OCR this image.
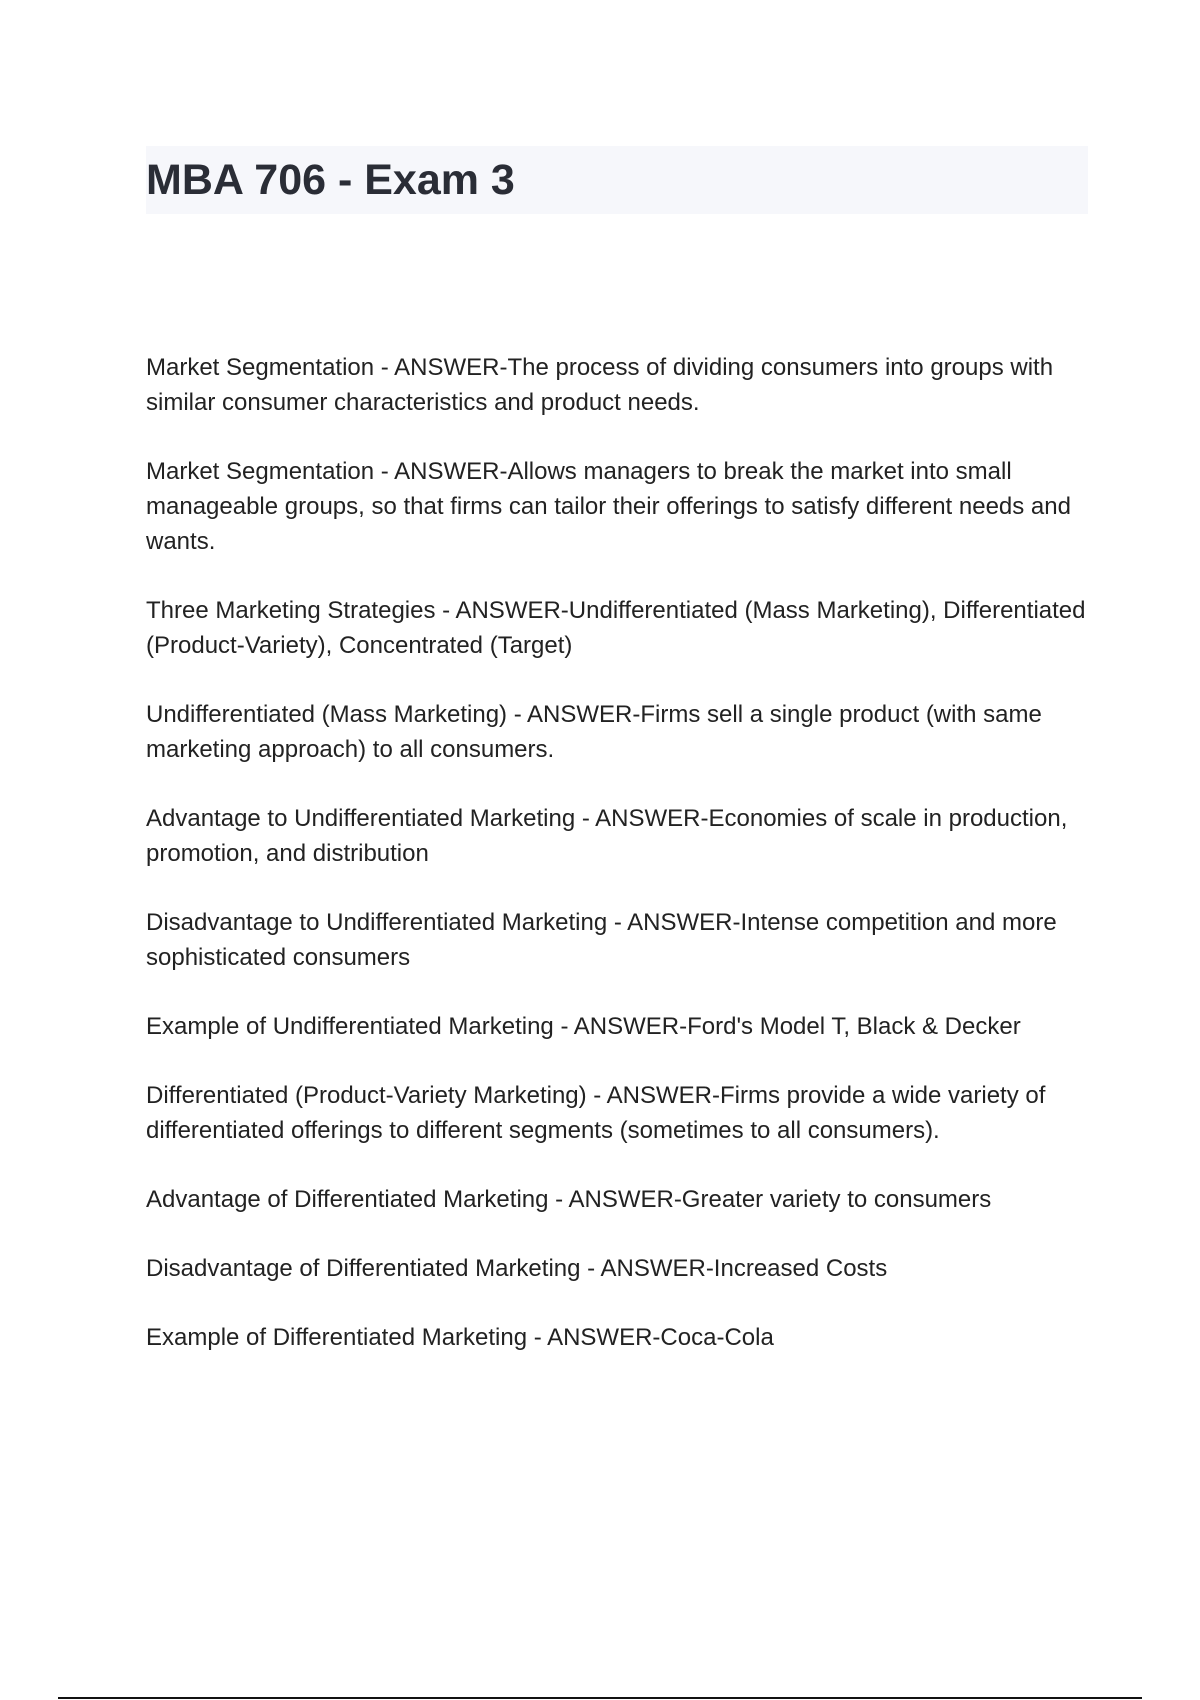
MBA 706 - Exam 3

Market Segmentation - ANSWER-The process of dividing consumers into groups with similar consumer characteristics and product needs.

Market Segmentation - ANSWER-Allows managers to break the market into small manageable groups, so that firms can tailor their offerings to satisfy different needs and wants.

Three Marketing Strategies - ANSWER-Undifferentiated (Mass Marketing), Differentiated (Product-Variety), Concentrated (Target)

Undifferentiated (Mass Marketing) - ANSWER-Firms sell a single product (with same marketing approach) to all consumers.

Advantage to Undifferentiated Marketing - ANSWER-Economies of scale in production, promotion, and distribution

Disadvantage to Undifferentiated Marketing - ANSWER-Intense competition and more sophisticated consumers

Example of Undifferentiated Marketing - ANSWER-Ford's Model T, Black & Decker

Differentiated (Product-Variety Marketing) - ANSWER-Firms provide a wide variety of differentiated offerings to different segments (sometimes to all consumers).

Advantage of Differentiated Marketing - ANSWER-Greater variety to consumers

Disadvantage of Differentiated Marketing - ANSWER-Increased Costs

Example of Differentiated Marketing - ANSWER-Coca-Cola
